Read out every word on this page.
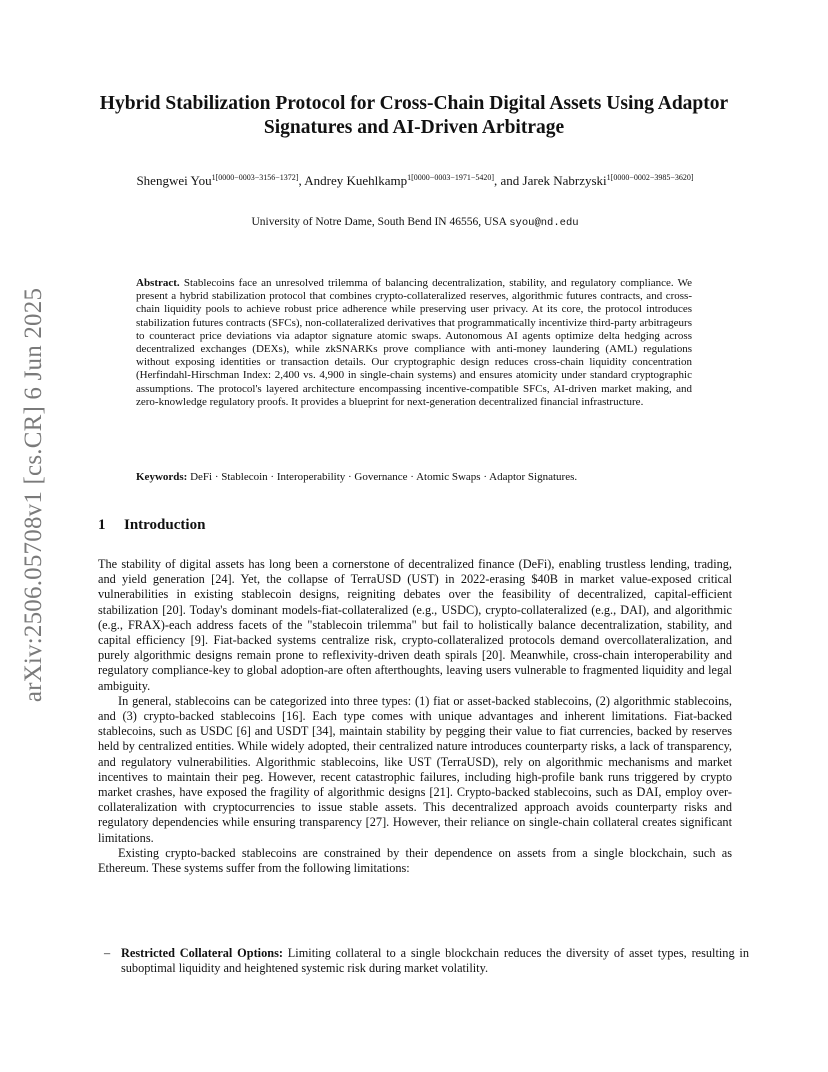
arXiv:2506.05708v1 [cs.CR] 6 Jun 2025
Hybrid Stabilization Protocol for Cross-Chain Digital Assets Using Adaptor Signatures and AI-Driven Arbitrage
Shengwei You$^{1[0000-0003-3156-1372]}$, Andrey Kuehlkamp$^{1[0000-0003-1971-5420]}$, and Jarek Nabrzyski$^{1[0000-0002-3985-3620]}$
University of Notre Dame, South Bend IN 46556, USA syou@nd.edu
Abstract. Stablecoins face an unresolved trilemma of balancing decentralization, stability, and regulatory compliance. We present a hybrid stabilization protocol that combines crypto-collateralized reserves, algorithmic futures contracts, and cross-chain liquidity pools to achieve robust price adherence while preserving user privacy. At its core, the protocol introduces stabilization futures contracts (SFCs), non-collateralized derivatives that programmatically incentivize third-party arbitrageurs to counteract price deviations via adaptor signature atomic swaps. Autonomous AI agents optimize delta hedging across decentralized exchanges (DEXs), while zkSNARKs prove compliance with anti-money laundering (AML) regulations without exposing identities or transaction details. Our cryptographic design reduces cross-chain liquidity concentration (Herfindahl-Hirschman Index: 2,400 vs. 4,900 in single-chain systems) and ensures atomicity under standard cryptographic assumptions. The protocol's layered architecture encompassing incentive-compatible SFCs, AI-driven market making, and zero-knowledge regulatory proofs. It provides a blueprint for next-generation decentralized financial infrastructure.
Keywords: DeFi · Stablecoin · Interoperability · Governance · Atomic Swaps · Adaptor Signatures.
1 Introduction

The stability of digital assets has long been a cornerstone of decentralized finance (DeFi), enabling trustless lending, trading, and yield generation [24]. Yet, the collapse of TerraUSD (UST) in 2022-erasing $40B in market value-exposed critical vulnerabilities in existing stablecoin designs, reigniting debates over the feasibility of decentralized, capital-efficient stabilization [20]. Today's dominant models-fiat-collateralized (e.g., USDC), crypto-collateralized (e.g., DAI), and algorithmic (e.g., FRAX)-each address facets of the "stablecoin trilemma" but fail to holistically balance decentralization, stability, and capital efficiency [9]. Fiat-backed systems centralize risk, crypto-collateralized protocols demand overcollateralization, and purely algorithmic designs remain prone to reflexivity-driven death spirals [20]. Meanwhile, cross-chain interoperability and regulatory compliance-key to global adoption-are often afterthoughts, leaving users vulnerable to fragmented liquidity and legal ambiguity.

In general, stablecoins can be categorized into three types: (1) fiat or asset-backed stablecoins, (2) algorithmic stablecoins, and (3) crypto-backed stablecoins [16]. Each type comes with unique advantages and inherent limitations. Fiat-backed stablecoins, such as USDC [6] and USDT [34], maintain stability by pegging their value to fiat currencies, backed by reserves held by centralized entities. While widely adopted, their centralized nature introduces counterparty risks, a lack of transparency, and regulatory vulnerabilities. Algorithmic stablecoins, like UST (TerraUSD), rely on algorithmic mechanisms and market incentives to maintain their peg. However, recent catastrophic failures, including high-profile bank runs triggered by crypto market crashes, have exposed the fragility of algorithmic designs [21]. Crypto-backed stablecoins, such as DAI, employ over-collateralization with cryptocurrencies to issue stable assets. This decentralized approach avoids counterparty risks and regulatory dependencies while ensuring transparency [27]. However, their reliance on single-chain collateral creates significant limitations.

Existing crypto-backed stablecoins are constrained by their dependence on assets from a single blockchain, such as Ethereum. These systems suffer from the following limitations:

– Restricted Collateral Options: Limiting collateral to a single blockchain reduces the diversity of asset types, resulting in suboptimal liquidity and heightened systemic risk during market volatility.
